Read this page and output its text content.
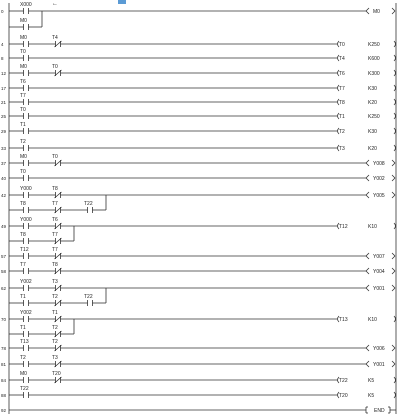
0
X000
M0
M0
←
4
M0	T4
T0	K250
8
T0
T4	K600
12
M0	T0
T6	K300
17
T6
T7	K30
21
T7
T8	K20
25
T0
T1	K250
29
T1
T2	K30
33
T2
T3	K20
37
M0	T0
Y008
40
T0
Y002
42
Y000	T8
T8	T7	T22
Y005
49
Y000	T6
T8	T7
T12	K10
57
T12	T7
Y007
58
T7	T8
Y004
62
Y002	T3
T1	T2	T22
Y001
70
Y002	T1
T1	T2
T13	K10
78
T13	T2
Y006
81
T2	T3
Y001
84
M0	T20
T22	K5
88
T22
T20	K5
92	END
